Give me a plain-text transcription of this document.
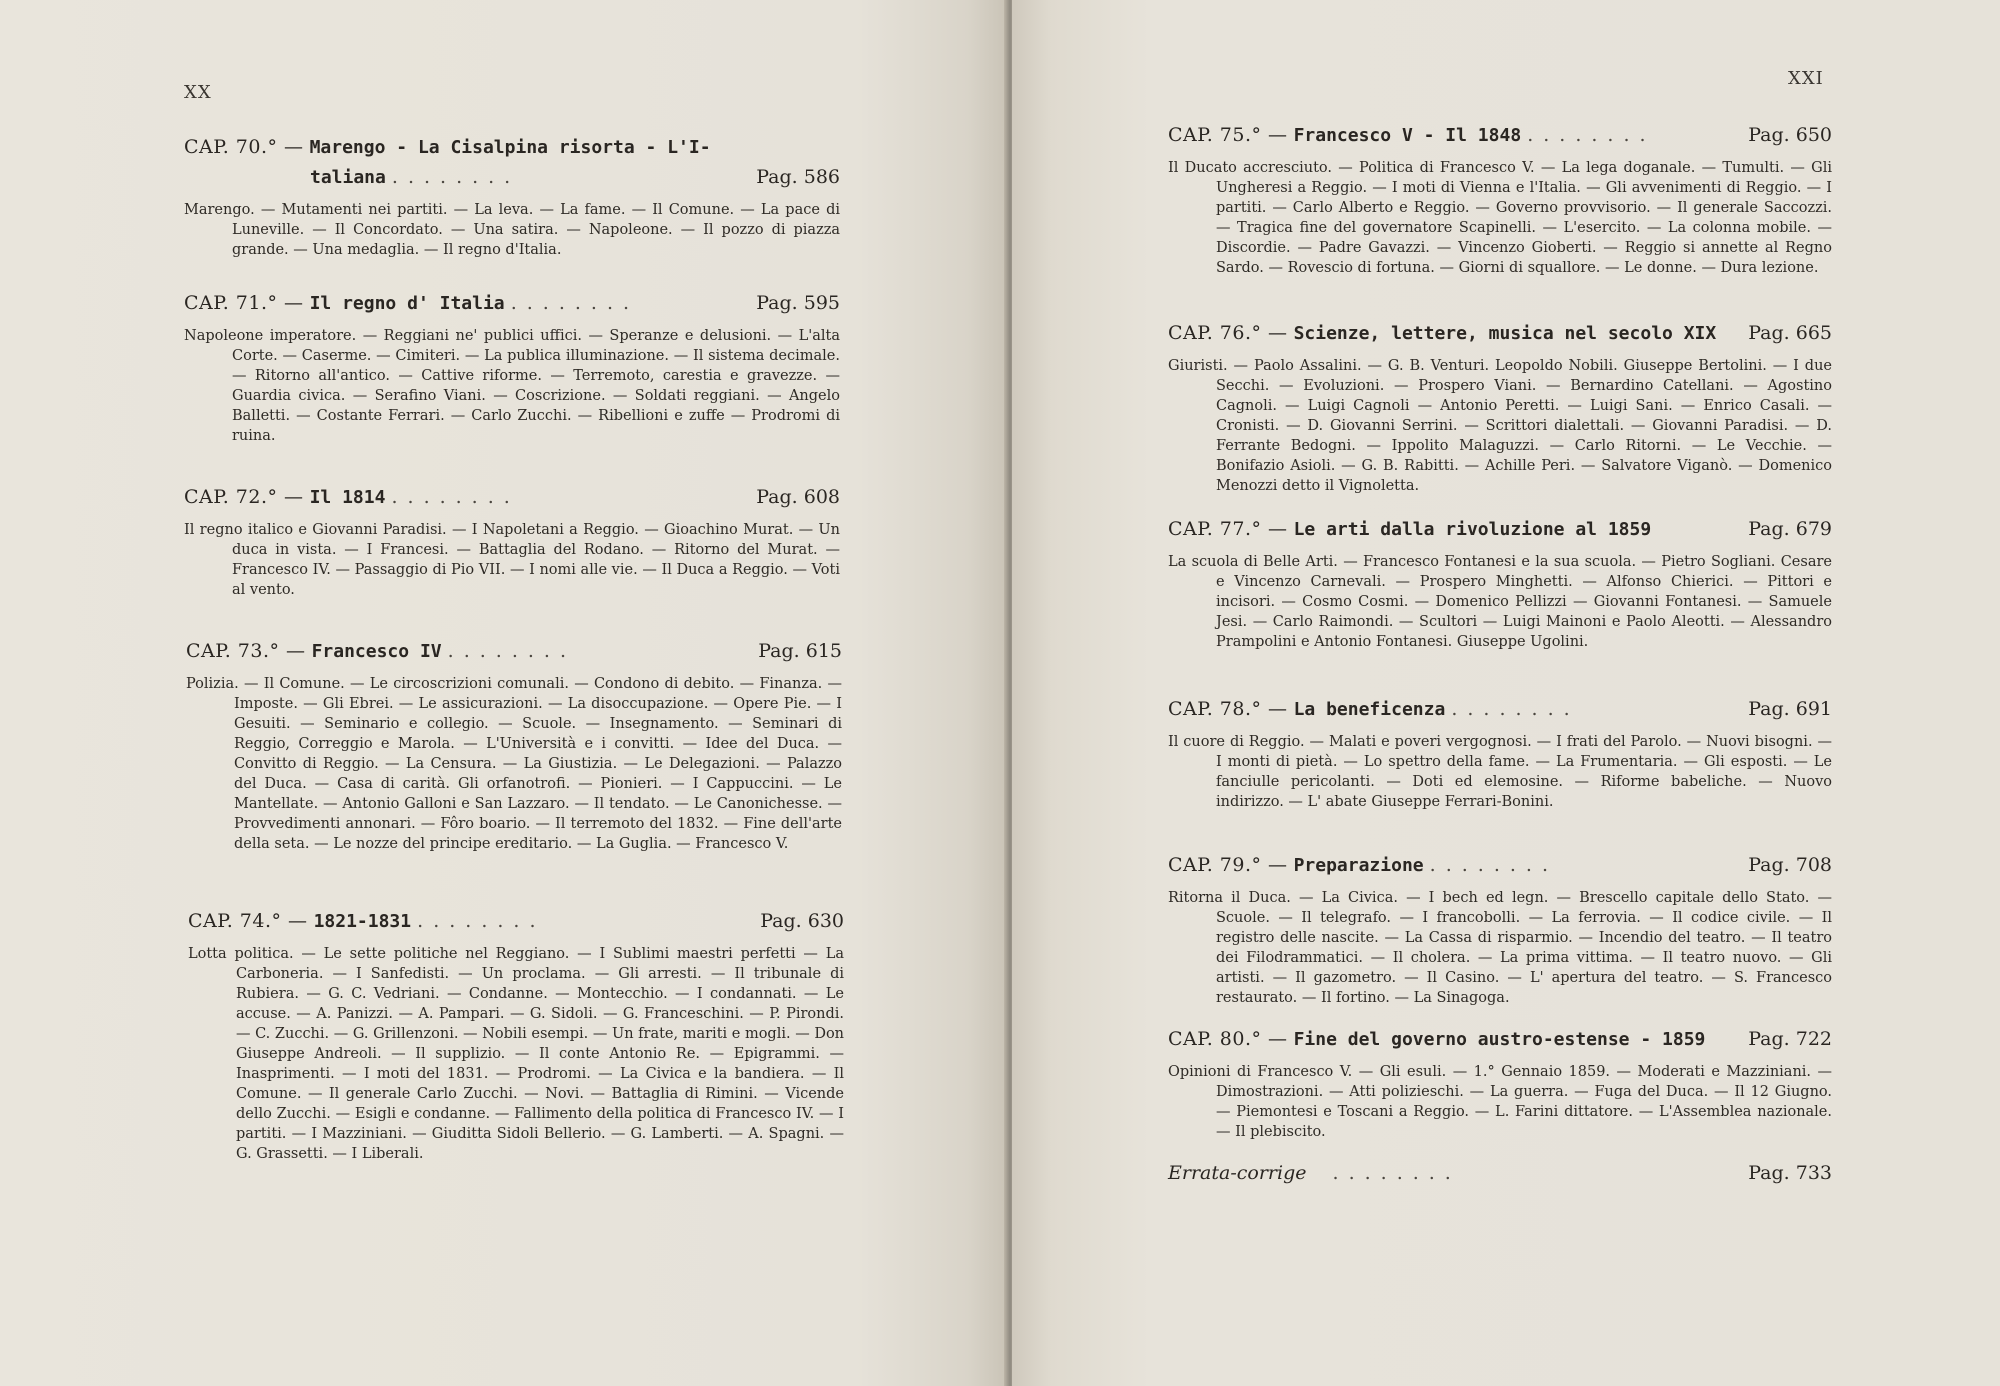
XX
CAP. 70.° — Marengo - La Cisalpina risorta - L'I-
taliana ........	Pag. 586
Marengo. — Mutamenti nei partiti. — La leva. — La fame. — Il Comune. — La pace di Luneville. — Il Concordato. — Una satira. — Napoleone. — Il pozzo di piazza grande. — Una medaglia. — Il regno d'Italia.
CAP. 71.° — Il regno d' Italia ........	Pag. 595
Napoleone imperatore. — Reggiani ne' publici uffici. — Speranze e delusioni. — L'alta Corte. — Caserme. — Cimiteri. — La publica illuminazione. — Il sistema decimale. — Ritorno all'antico. — Cattive riforme. — Terremoto, carestia e gravezze. — Guardia civica. — Serafino Viani. — Coscrizione. — Soldati reggiani. — Angelo Balletti. — Costante Ferrari. — Carlo Zucchi. — Ribellioni e zuffe — Prodromi di ruina.
CAP. 72.° — Il 1814 ........	Pag. 608
Il regno italico e Giovanni Paradisi. — I Napoletani a Reggio. — Gioachino Murat. — Un duca in vista. — I Francesi. — Battaglia del Rodano. — Ritorno del Murat. — Francesco IV. — Passaggio di Pio VII. — I nomi alle vie. — Il Duca a Reggio. — Voti al vento.
CAP. 73.° — Francesco IV ........	Pag. 615
Polizia. — Il Comune. — Le circoscrizioni comunali. — Condono di debito. — Finanza. — Imposte. — Gli Ebrei. — Le assicurazioni. — La disoccupazione. — Opere Pie. — I Gesuiti. — Seminario e collegio. — Scuole. — Insegnamento. — Seminari di Reggio, Correggio e Marola. — L'Università e i convitti. — Idee del Duca. — Convitto di Reggio. — La Censura. — La Giustizia. — Le Delegazioni. — Palazzo del Duca. — Casa di carità. Gli orfanotrofi. — Pionieri. — I Cappuccini. — Le Mantellate. — Antonio Galloni e San Lazzaro. — Il tendato. — Le Canonichesse. — Provvedimenti annonari. — Fôro boario. — Il terremoto del 1832. — Fine dell'arte della seta. — Le nozze del principe ereditario. — La Guglia. — Francesco V.
CAP. 74.° — 1821-1831 ........	Pag. 630
Lotta politica. — Le sette politiche nel Reggiano. — I Sublimi maestri perfetti — La Carboneria. — I Sanfedisti. — Un proclama. — Gli arresti. — Il tribunale di Rubiera. — G. C. Vedriani. — Condanne. — Montecchio. — I condannati. — Le accuse. — A. Panizzi. — A. Pampari. — G. Sidoli. — G. Franceschini. — P. Pirondi. — C. Zucchi. — G. Grillenzoni. — Nobili esempi. — Un frate, mariti e mogli. — Don Giuseppe Andreoli. — Il supplizio. — Il conte Antonio Re. — Epigrammi. — Inasprimenti. — I moti del 1831. — Prodromi. — La Civica e la bandiera. — Il Comune. — Il generale Carlo Zucchi. — Novi. — Battaglia di Rimini. — Vicende dello Zucchi. — Esigli e condanne. — Fallimento della politica di Francesco IV. — I partiti. — I Mazziniani. — Giuditta Sidoli Bellerio. — G. Lamberti. — A. Spagni. — G. Grassetti. — I Liberali.
XXI
CAP. 75.° — Francesco V - Il 1848 ........	Pag. 650
Il Ducato accresciuto. — Politica di Francesco V. — La lega doganale. — Tumulti. — Gli Ungheresi a Reggio. — I moti di Vienna e l'Italia. — Gli avvenimenti di Reggio. — I partiti. — Carlo Alberto e Reggio. — Governo provvisorio. — Il generale Saccozzi. — Tragica fine del governatore Scapinelli. — L'esercito. — La colonna mobile. — Discordie. — Padre Gavazzi. — Vincenzo Gioberti. — Reggio si annette al Regno Sardo. — Rovescio di fortuna. — Giorni di squallore. — Le donne. — Dura lezione.
CAP. 76.° — Scienze, lettere, musica nel secolo XIX Pag. 665
Giuristi. — Paolo Assalini. — G. B. Venturi. Leopoldo Nobili. Giuseppe Bertolini. — I due Secchi. — Evoluzioni. — Prospero Viani. — Bernardino Catellani. — Agostino Cagnoli. — Luigi Cagnoli — Antonio Peretti. — Luigi Sani. — Enrico Casali. — Cronisti. — D. Giovanni Serrini. — Scrittori dialettali. — Giovanni Paradisi. — D. Ferrante Bedogni. — Ippolito Malaguzzi. — Carlo Ritorni. — Le Vecchie. — Bonifazio Asioli. — G. B. Rabitti. — Achille Peri. — Salvatore Viganò. — Domenico Menozzi detto il Vignoletta.
CAP. 77.° — Le arti dalla rivoluzione al 1859	Pag. 679
La scuola di Belle Arti. — Francesco Fontanesi e la sua scuola. — Pietro Sogliani. Cesare e Vincenzo Carnevali. — Prospero Minghetti. — Alfonso Chierici. — Pittori e incisori. — Cosmo Cosmi. — Domenico Pellizzi — Giovanni Fontanesi. — Samuele Jesi. — Carlo Raimondi. — Scultori — Luigi Mainoni e Paolo Aleotti. — Alessandro Prampolini e Antonio Fontanesi. Giuseppe Ugolini.
CAP. 78.° — La beneficenza ........	Pag. 691
Il cuore di Reggio. — Malati e poveri vergognosi. — I frati del Parolo. — Nuovi bisogni. — I monti di pietà. — Lo spettro della fame. — La Frumentaria. — Gli esposti. — Le fanciulle pericolanti. — Doti ed elemosine. — Riforme babeliche. — Nuovo indirizzo. — L' abate Giuseppe Ferrari-Bonini.
CAP. 79.° — Preparazione ........	Pag. 708
Ritorna il Duca. — La Civica. — I bech ed legn. — Brescello capitale dello Stato. — Scuole. — Il telegrafo. — I francobolli. — La ferrovia. — Il codice civile. — Il registro delle nascite. — La Cassa di risparmio. — Incendio del teatro. — Il teatro dei Filodrammatici. — Il cholera. — La prima vittima. — Il teatro nuovo. — Gli artisti. — Il gazometro. — Il Casino. — L' apertura del teatro. — S. Francesco restaurato. — Il fortino. — La Sinagoga.
CAP. 80.° — Fine del governo austro-estense - 1859 Pag. 722
Opinioni di Francesco V. — Gli esuli. — 1.° Gennaio 1859. — Moderati e Mazziniani. — Dimostrazioni. — Atti polizieschi. — La guerra. — Fuga del Duca. — Il 12 Giugno. — Piemontesi e Toscani a Reggio. — L. Farini dittatore. — L'Assemblea nazionale. — Il plebiscito.
Errata-corrige ........	Pag. 733
